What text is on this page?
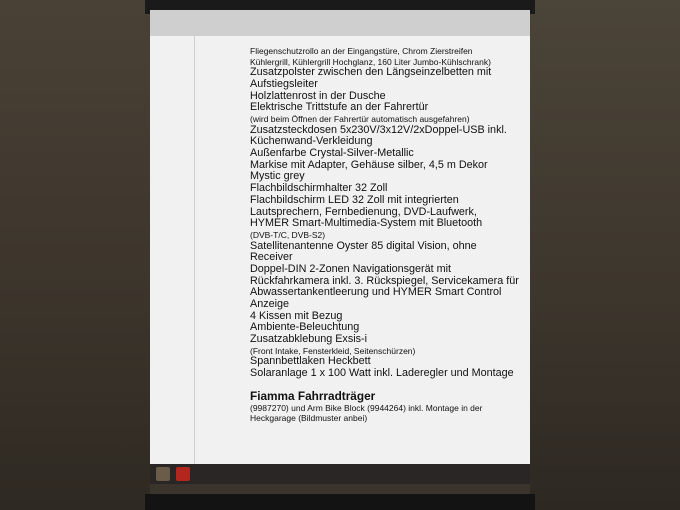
Fliegenschutzrollo an der Eingangstüre, Chrom Zierstreifen
Kühlergrill, Kühlergrill Hochglanz, 160 Liter Jumbo-Kühlschrank)
Zusatzpolster zwischen den Längseinzelbetten mit
Aufstiegsleiter
Holzlattenrost in der Dusche
Elektrische Trittstufe an der Fahrertür
(wird beim Öffnen der Fahrertür automatisch ausgefahren)
Zusatzsteckdosen 5x230V/3x12V/2xDoppel-USB inkl.
Küchenwand-Verkleidung
Außenfarbe Crystal-Silver-Metallic
Markise mit Adapter, Gehäuse silber, 4,5 m Dekor
Mystic grey
Flachbildschirmhalter 32 Zoll
Flachbildschirm LED 32 Zoll mit integrierten
Lautsprechern, Fernbedienung, DVD-Laufwerk,
HYMER Smart-Multimedia-System mit Bluetooth
(DVB-T/C, DVB-S2)
Satellitenantenne Oyster 85 digital Vision, ohne
Receiver
Doppel-DIN 2-Zonen Navigationsgerät mit
Rückfahrkamera inkl. 3. Rückspiegel, Servicekamera für
Abwassertankentleerung und HYMER Smart Control
Anzeige
4 Kissen mit Bezug
Ambiente-Beleuchtung
Zusatzabklebung Exsis-i
(Front Intake, Fensterkleid, Seitenschürzen)
Spannbettlaken Heckbett
Solaranlage 1 x 100 Watt inkl. Laderegler und Montage
Fiamma Fahrradträger
(9987270) und Arm Bike Block (9944264) inkl. Montage in der
Heckgarage (Bildmuster anbei)
